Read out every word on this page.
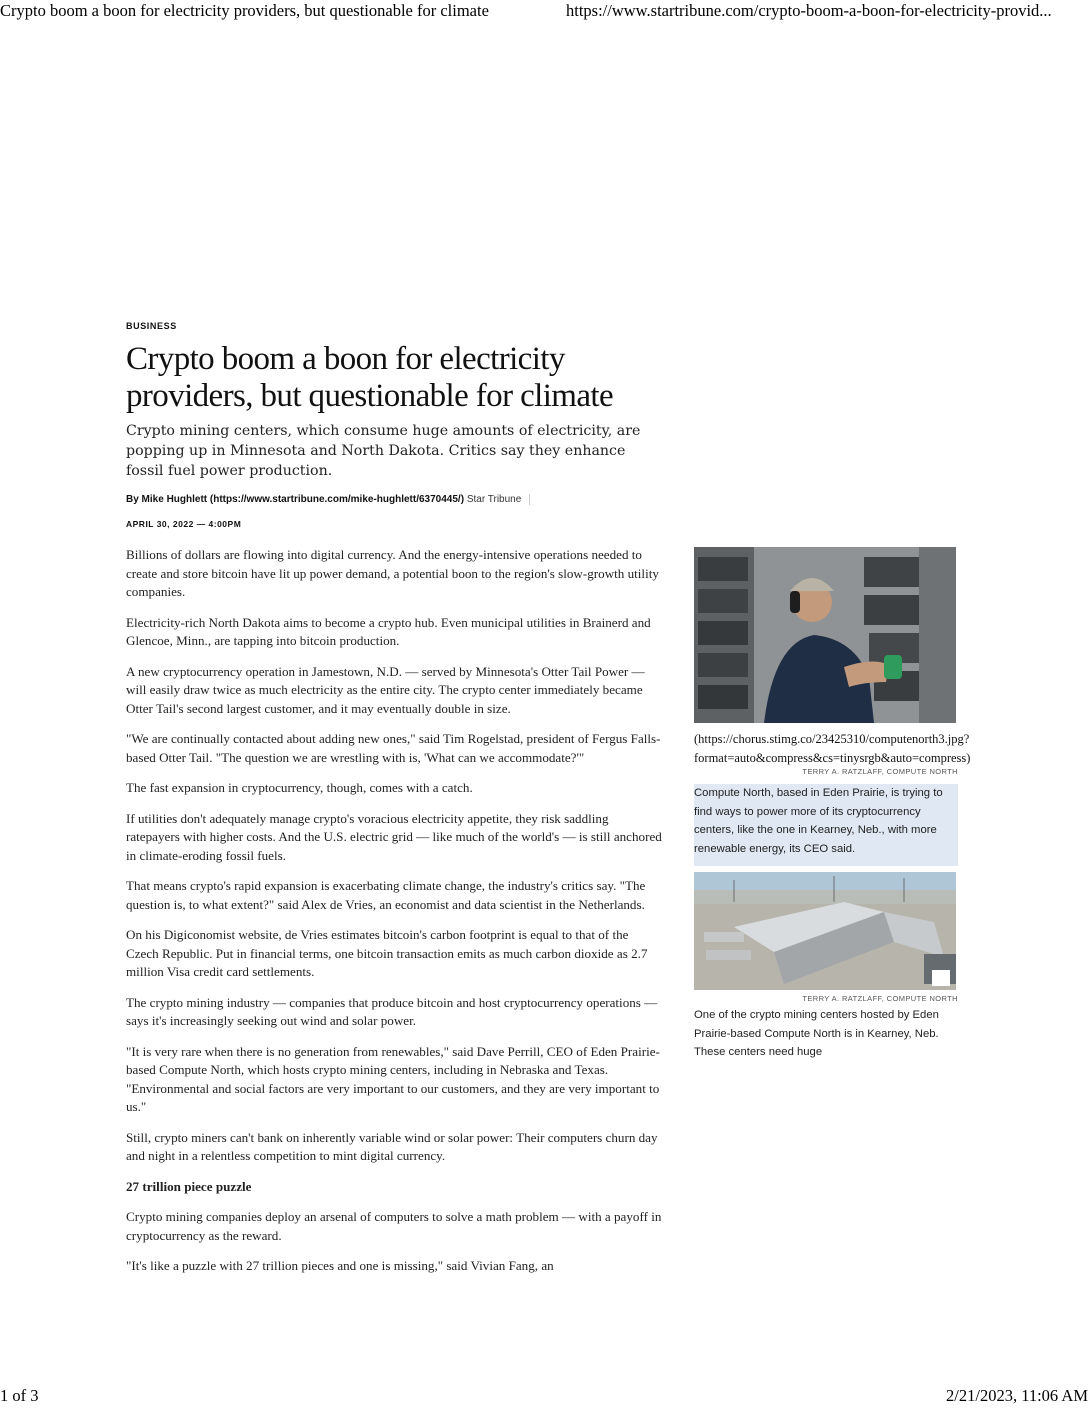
Crypto boom a boon for electricity providers, but questionable for climate	https://www.startribune.com/crypto-boom-a-boon-for-electricity-provid...
BUSINESS
Crypto boom a boon for electricity providers, but questionable for climate

Crypto mining centers, which consume huge amounts of electricity, are popping up in Minnesota and North Dakota. Critics say they enhance fossil fuel power production.

By Mike Hughlett (https://www.startribune.com/mike-hughlett/6370445/) Star Tribune
APRIL 30, 2022 — 4:00PM

Billions of dollars are flowing into digital currency. And the energy-intensive operations needed to create and store bitcoin have lit up power demand, a potential boon to the region's slow-growth utility companies.

Electricity-rich North Dakota aims to become a crypto hub. Even municipal utilities in Brainerd and Glencoe, Minn., are tapping into bitcoin production.

A new cryptocurrency operation in Jamestown, N.D. — served by Minnesota's Otter Tail Power — will easily draw twice as much electricity as the entire city. The crypto center immediately became Otter Tail's second largest customer, and it may eventually double in size.

"We are continually contacted about adding new ones," said Tim Rogelstad, president of Fergus Falls-based Otter Tail. "The question we are wrestling with is, 'What can we accommodate?'"

The fast expansion in cryptocurrency, though, comes with a catch.

If utilities don't adequately manage crypto's voracious electricity appetite, they risk saddling ratepayers with higher costs. And the U.S. electric grid — like much of the world's — is still anchored in climate-eroding fossil fuels.

That means crypto's rapid expansion is exacerbating climate change, the industry's critics say. "The question is, to what extent?" said Alex de Vries, an economist and data scientist in the Netherlands.

On his Digiconomist website, de Vries estimates bitcoin's carbon footprint is equal to that of the Czech Republic. Put in financial terms, one bitcoin transaction emits as much carbon dioxide as 2.7 million Visa credit card settlements.

The crypto mining industry — companies that produce bitcoin and host cryptocurrency operations — says it's increasingly seeking out wind and solar power.

"It is very rare when there is no generation from renewables," said Dave Perrill, CEO of Eden Prairie-based Compute North, which hosts crypto mining centers, including in Nebraska and Texas. "Environmental and social factors are very important to our customers, and they are very important to us."

Still, crypto miners can't bank on inherently variable wind or solar power: Their computers churn day and night in a relentless competition to mint digital currency.

27 trillion piece puzzle

Crypto mining companies deploy an arsenal of computers to solve a math problem — with a payoff in cryptocurrency as the reward.

"It's like a puzzle with 27 trillion pieces and one is missing," said Vivian Fang, an

(https://chorus.stimg.co/23425310/computenorth3.jpg?format=auto&compress&cs=tinysrgb&auto=compress)
TERRY A. RATZLAFF, COMPUTE NORTH
Compute North, based in Eden Prairie, is trying to find ways to power more of its cryptocurrency centers, like the one in Kearney, Neb., with more renewable energy, its CEO said.
TERRY A. RATZLAFF, COMPUTE NORTH
One of the crypto mining centers hosted by Eden Prairie-based Compute North is in Kearney, Neb. These centers need huge
1 of 3	2/21/2023, 11:06 AM
